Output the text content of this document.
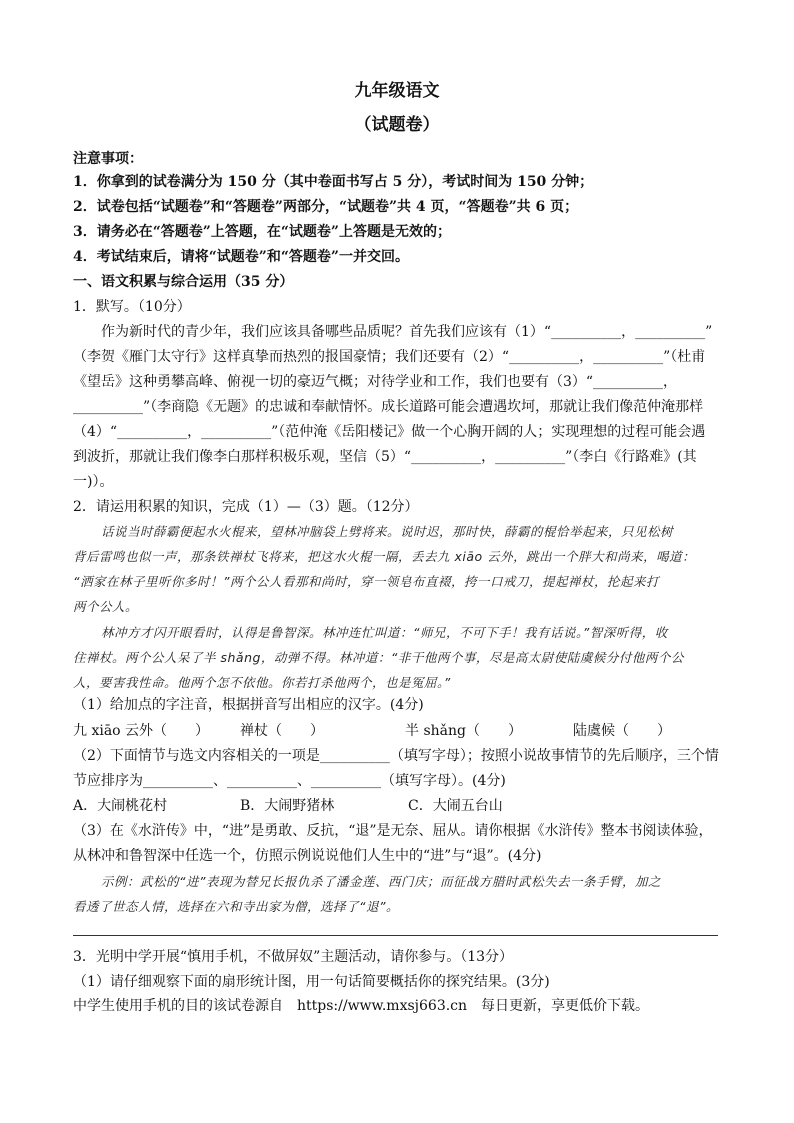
九年级语文
（试题卷）
注意事项：
1．你拿到的试卷满分为 150 分（其中卷面书写占 5 分），考试时间为 150 分钟；
2．试卷包括“试题卷”和“答题卷”两部分，“试题卷”共 4 页，“答题卷”共 6 页；
3．请务必在“答题卷”上答题，在“试题卷”上答题是无效的；
4．考试结束后，请将“试题卷”和“答题卷”一并交回。
一、语文积累与综合运用（35 分）
1．默写。（10分）
作为新时代的青少年，我们应该具备哪些品质呢？首先我们应该有（1）“__________，__________”
（李贺《雁门太守行》这样真挚而热烈的报国豪情；我们还要有（2）“__________，__________”（杜甫
《望岳》这种勇攀高峰、俯视一切的豪迈气概；对待学业和工作，我们也要有（3）“__________，
__________”（李商隐《无题》的忠诚和奉献情怀。成长道路可能会遭遇坎坷，那就让我们像范仲淹那样
（4）“__________，__________”（范仲淹《岳阳楼记》做一个心胸开阔的人；实现理想的过程可能会遇
到波折，那就让我们像李白那样积极乐观，坚信（5）“__________，__________”（李白《行路难》(其
一)）。
2．请运用积累的知识，完成（1）—（3）题。（12分）
话说当时薛霸便起水火棍来，望林冲脑袋上劈将来。说时迟，那时快，薛霸的棍恰举起来，只见松树
背后雷鸣也似一声，那条铁禅杖飞将来，把这水火棍一隔，丢去九 xiāo 云外，跳出一个胖大和尚来，喝道：
“洒家在林子里听你多时！”两个公人看那和尚时，穿一领皂布直裰，挎一口戒刀，提起禅杖，抡起来打
两个公人。
林冲方才闪开眼看时，认得是鲁智深。林冲连忙叫道：“师兄，不可下手！我有话说。”智深听得，收
住禅杖。两个公人呆了半 shǎng，动弹不得。林冲道：“非干他两个事，尽是高太尉使陆虞候分付他两个公
人，要害我性命。他两个怎不依他。你若打杀他两个，也是冤屈。”
（1）给加点的字注音，根据拼音写出相应的汉字。(4分)
九 xiāo 云外（　　） 禅杖（　　）	半 shǎng（　　）	陆虞候（　　）
（2）下面情节与选文内容相关的一项是__________（填写字母）；按照小说故事情节的先后顺序，三个情
节应排序为__________、__________、__________（填写字母）。(4分)
A．大闹桃花村	B．大闹野猪林	C．大闹五台山
（3）在《水浒传》中，“进”是勇敢、反抗，“退”是无奈、屈从。请你根据《水浒传》整本书阅读体验，
从林冲和鲁智深中任选一个，仿照示例说说他们人生中的“进”与“退”。(4分)
示例：武松的“进”表现为替兄长报仇杀了潘金莲、西门庆；而征战方腊时武松失去一条手臂，加之
看透了世态人情，选择在六和寺出家为僧，选择了“退”。
3．光明中学开展“慎用手机，不做屏奴”主题活动，请你参与。（13分）
（1）请仔细观察下面的扇形统计图，用一句话简要概括你的探究结果。(3分)
中学生使用手机的目的该试卷源自　https://www.mxsj663.cn　每日更新，享更低价下载。
